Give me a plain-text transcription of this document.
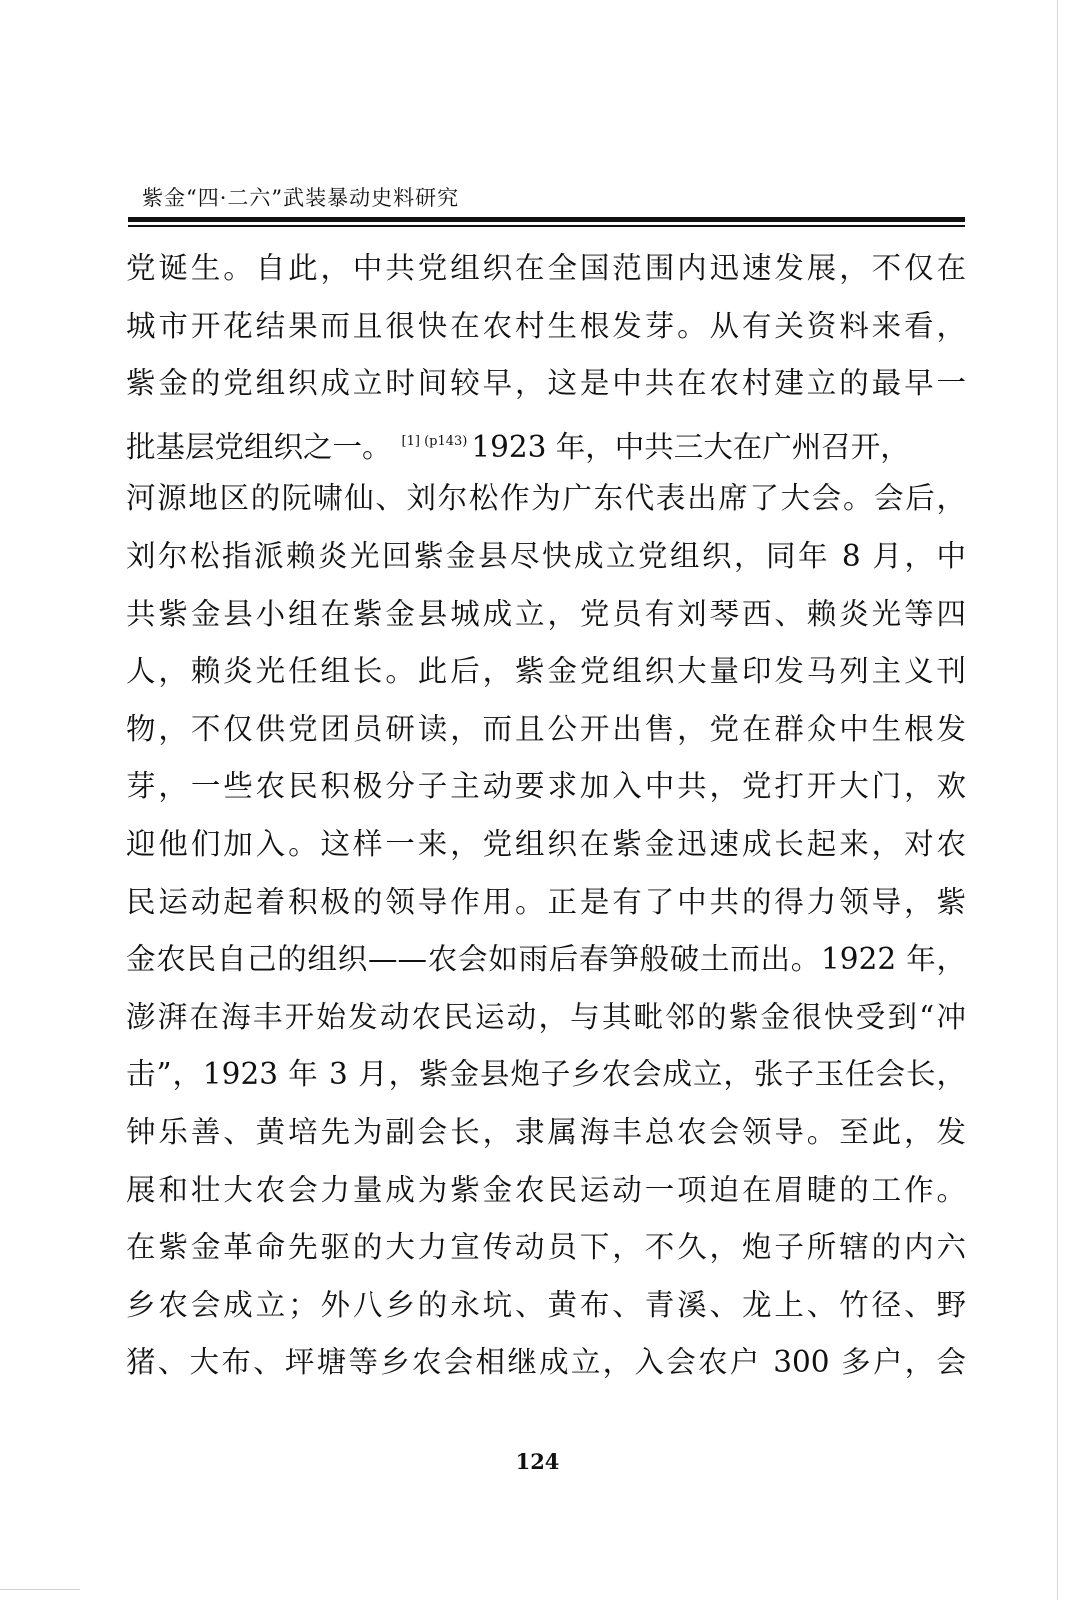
紫金“四·二六”武装暴动史料研究
党诞生。自此，中共党组织在全国范围内迅速发展，不仅在
城市开花结果而且很快在农村生根发芽。从有关资料来看，
紫金的党组织成立时间较早，这是中共在农村建立的最早一
批基层党组织之一。 $^{[1] (p143)}$ 1923 年，中共三大在广州召开，
河源地区的阮啸仙、刘尔松作为广东代表出席了大会。会后，
刘尔松指派赖炎光回紫金县尽快成立党组织，同年 8 月，中
共紫金县小组在紫金县城成立，党员有刘琴西、赖炎光等四
人，赖炎光任组长。此后，紫金党组织大量印发马列主义刊
物，不仅供党团员研读，而且公开出售，党在群众中生根发
芽，一些农民积极分子主动要求加入中共，党打开大门，欢
迎他们加入。这样一来，党组织在紫金迅速成长起来，对农
民运动起着积极的领导作用。正是有了中共的得力领导，紫
金农民自己的组织——农会如雨后春笋般破土而出。1922 年，
澎湃在海丰开始发动农民运动，与其毗邻的紫金很快受到“冲
击”，1923 年 3 月，紫金县炮子乡农会成立，张子玉任会长，
钟乐善、黄培先为副会长，隶属海丰总农会领导。至此，发
展和壮大农会力量成为紫金农民运动一项迫在眉睫的工作。
在紫金革命先驱的大力宣传动员下，不久，炮子所辖的内六
乡农会成立；外八乡的永坑、黄布、青溪、龙上、竹径、野
猪、大布、坪塘等乡农会相继成立，入会农户 300 多户，会
124
